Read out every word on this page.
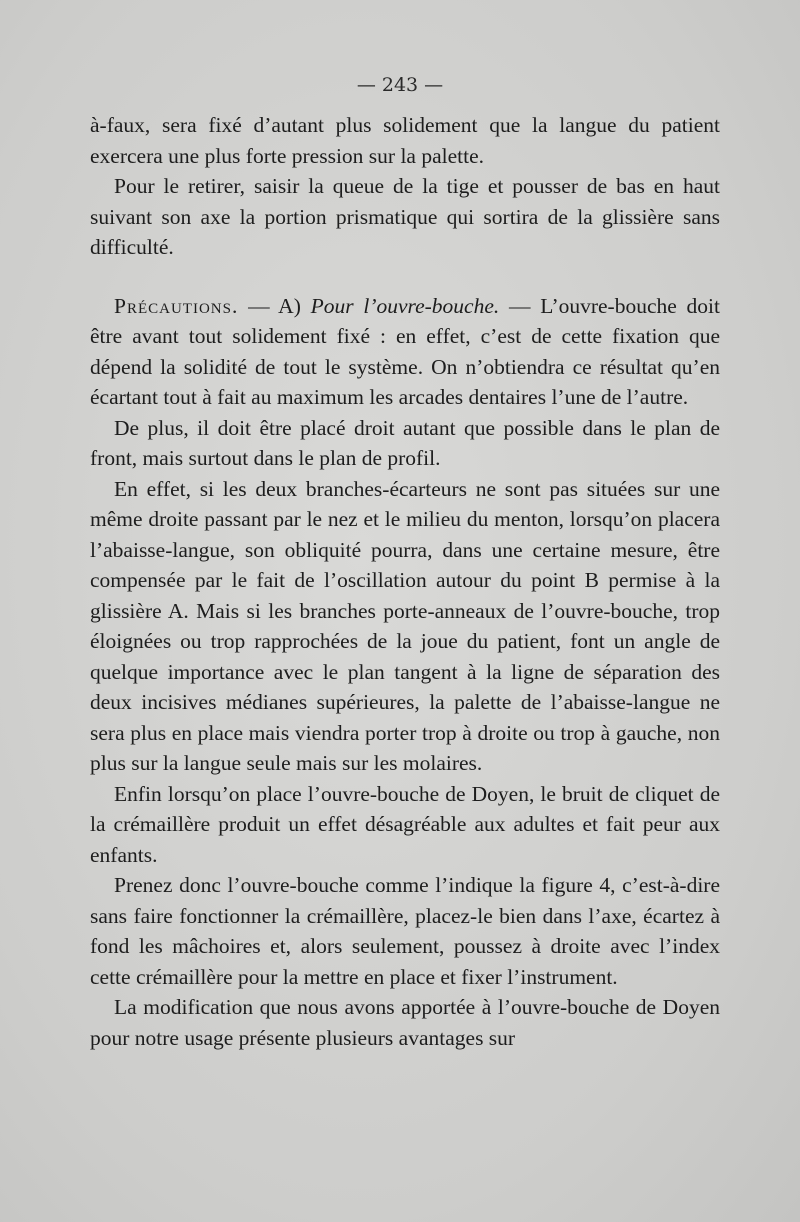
— 243 —

à-faux, sera fixé d’autant plus solidement que la langue du patient exercera une plus forte pression sur la palette.

Pour le retirer, saisir la queue de la tige et pousser de bas en haut suivant son axe la portion prismatique qui sortira de la glissière sans difficulté.

Précautions. — A) Pour l’ouvre-bouche. — L’ouvre-bouche doit être avant tout solidement fixé : en effet, c’est de cette fixation que dépend la solidité de tout le système. On n’obtiendra ce résultat qu’en écartant tout à fait au maximum les arcades dentaires l’une de l’autre.

De plus, il doit être placé droit autant que possible dans le plan de front, mais surtout dans le plan de profil.

En effet, si les deux branches-écarteurs ne sont pas situées sur une même droite passant par le nez et le milieu du menton, lorsqu’on placera l’abaisse-langue, son obliquité pourra, dans une certaine mesure, être compensée par le fait de l’oscillation autour du point B permise à la glissière A. Mais si les branches porte-anneaux de l’ouvre-bouche, trop éloignées ou trop rapprochées de la joue du patient, font un angle de quelque importance avec le plan tangent à la ligne de séparation des deux incisives médianes supérieures, la palette de l’abaisse-langue ne sera plus en place mais viendra porter trop à droite ou trop à gauche, non plus sur la langue seule mais sur les molaires.

Enfin lorsqu’on place l’ouvre-bouche de Doyen, le bruit de cliquet de la crémaillère produit un effet désagréable aux adultes et fait peur aux enfants.

Prenez donc l’ouvre-bouche comme l’indique la figure 4, c’est-à-dire sans faire fonctionner la crémaillère, placez-le bien dans l’axe, écartez à fond les mâchoires et, alors seulement, poussez à droite avec l’index cette crémaillère pour la mettre en place et fixer l’instrument.

La modification que nous avons apportée à l’ouvre-bouche de Doyen pour notre usage présente plusieurs avantages sur
